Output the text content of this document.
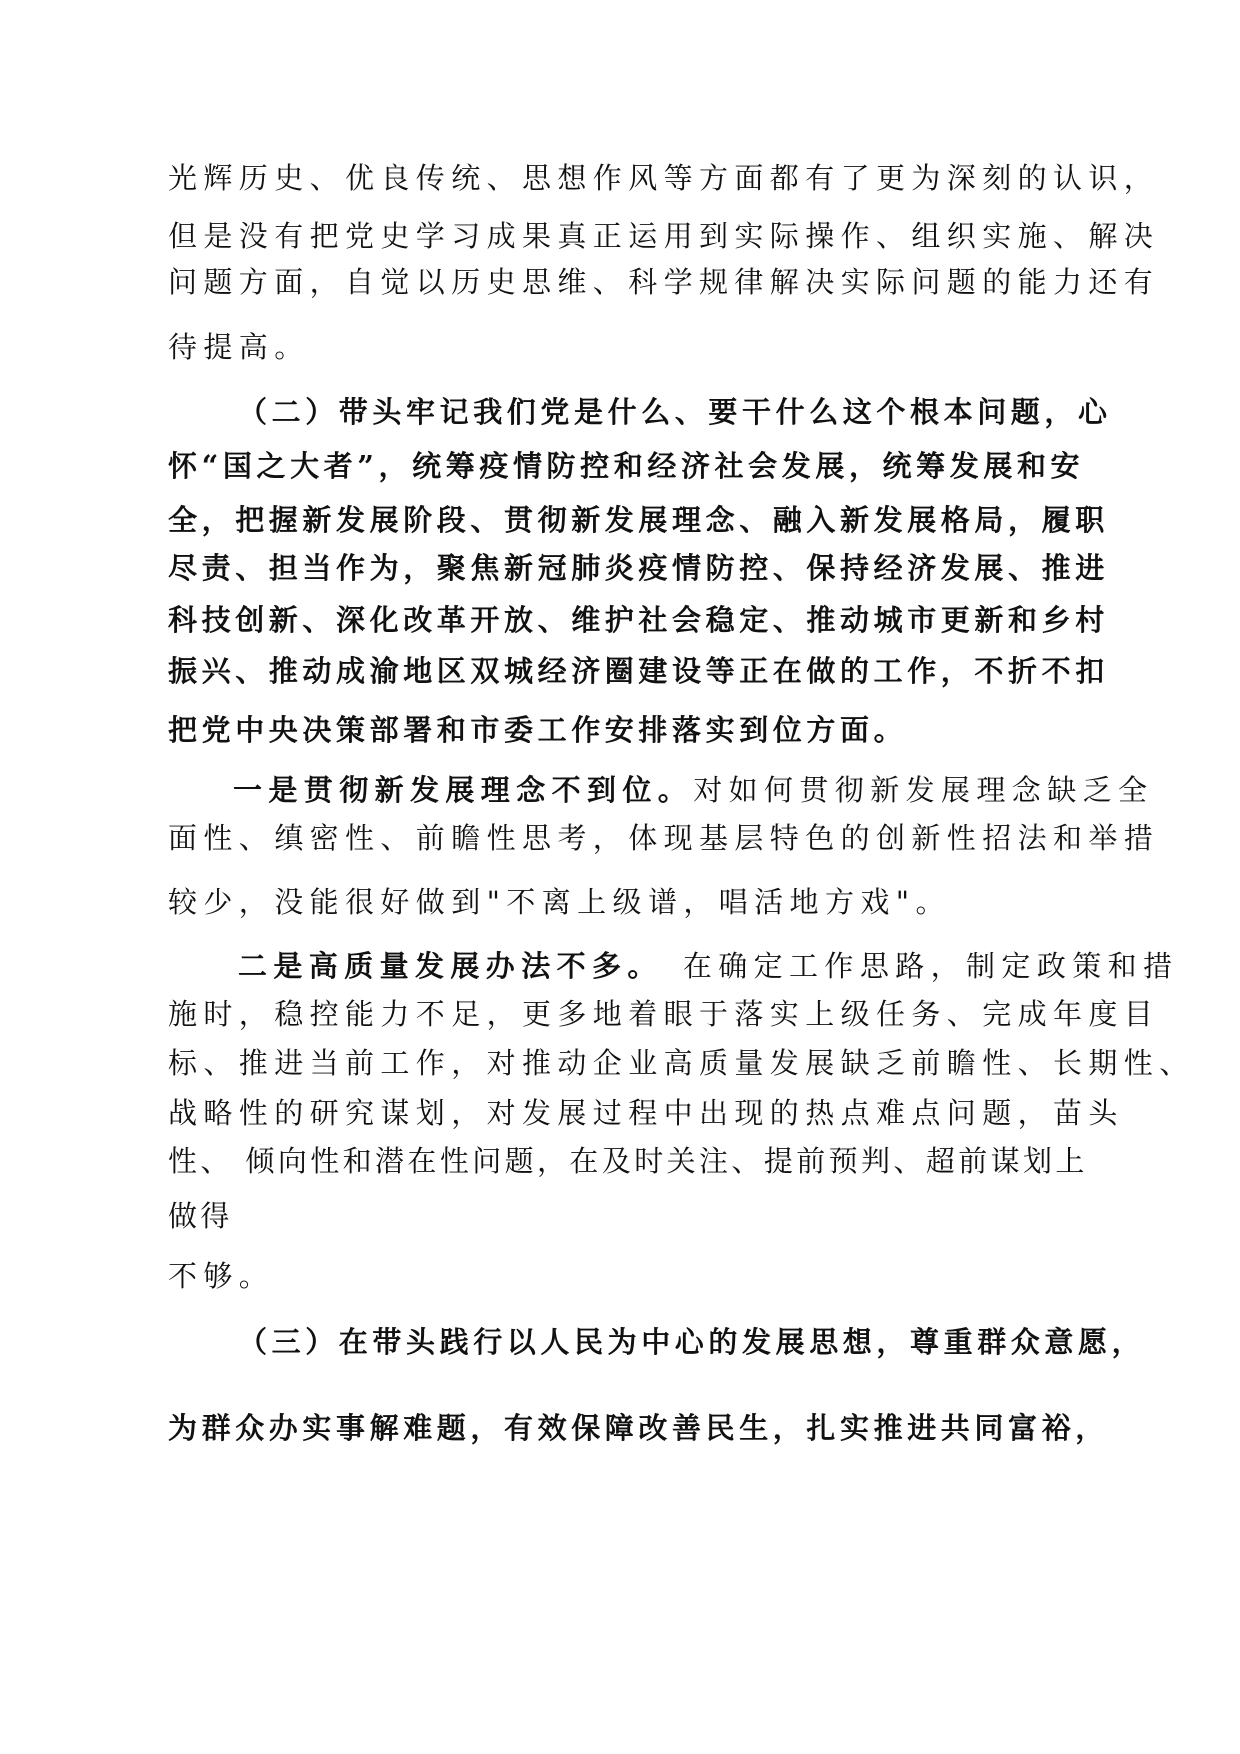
光辉历史、优良传统、思想作风等方面都有了更为深刻的认识，
但是没有把党史学习成果真正运用到实际操作、组织实施、解决
问题方面，自觉以历史思维、科学规律解决实际问题的能力还有
待提高。
（二）带头牢记我们党是什么、要干什么这个根本问题，心
怀“国之大者”，统筹疫情防控和经济社会发展，统筹发展和安
全，把握新发展阶段、贯彻新发展理念、融入新发展格局，履职
尽责、担当作为，聚焦新冠肺炎疫情防控、保持经济发展、推进
科技创新、深化改革开放、维护社会稳定、推动城市更新和乡村
振兴、推动成渝地区双城经济圈建设等正在做的工作，不折不扣
把党中央决策部署和市委工作安排落实到位方面。
一是贯彻新发展理念不到位。对如何贯彻新发展理念缺乏全
面性、缜密性、前瞻性思考，体现基层特色的创新性招法和举措
较少，没能很好做到"不离上级谱，唱活地方戏"。
二是高质量发展办法不多。 在确定工作思路，制定政策和措
施时，稳控能力不足，更多地着眼于落实上级任务、完成年度目
标、推进当前工作，对推动企业高质量发展缺乏前瞻性、长期性、
战略性的研究谋划，对发展过程中出现的热点难点问题，苗头
性、 倾向性和潜在性问题，在及时关注、提前预判、超前谋划上
做得
不够。
（三）在带头践行以人民为中心的发展思想，尊重群众意愿，
为群众办实事解难题，有效保障改善民生，扎实推进共同富裕，
